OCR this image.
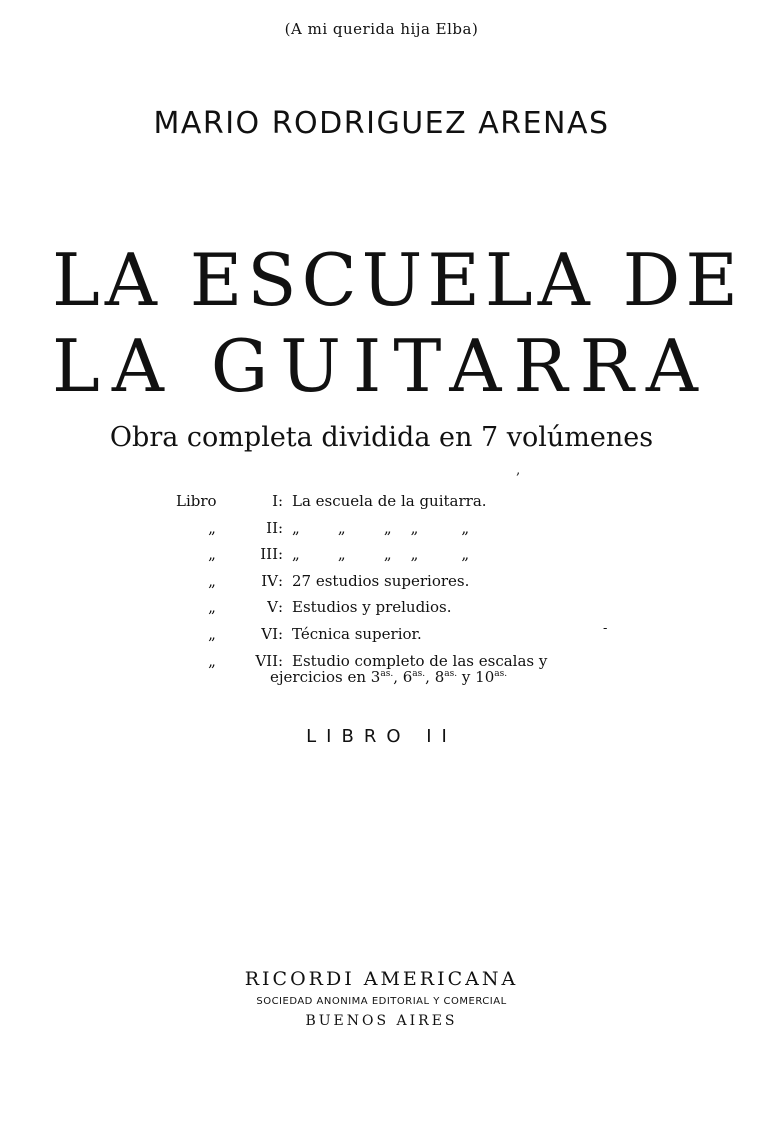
(A mi querida hija Elba)
MARIO RODRIGUEZ ARENAS
LA ESCUELA DE
LA GUITARRA
Obra completa dividida en 7 volúmenes
‚
-
Libro	I : La escuela de la guitarra.
„	II : „        „        „    „         „
„	III : „        „        „    „         „
„	IV : 27 estudios superiores.
„	V : Estudios y preludios.
„	VI : Técnica superior.
„	VII : Estudio completo de las escalas y
ejercicios en $3^{as.}$, $6^{as.}$, $8^{as.}$ y $10^{as.}$
LIBRO II
RICORDI AMERICANA
SOCIEDAD ANONIMA EDITORIAL Y COMERCIAL
BUENOS AIRES
